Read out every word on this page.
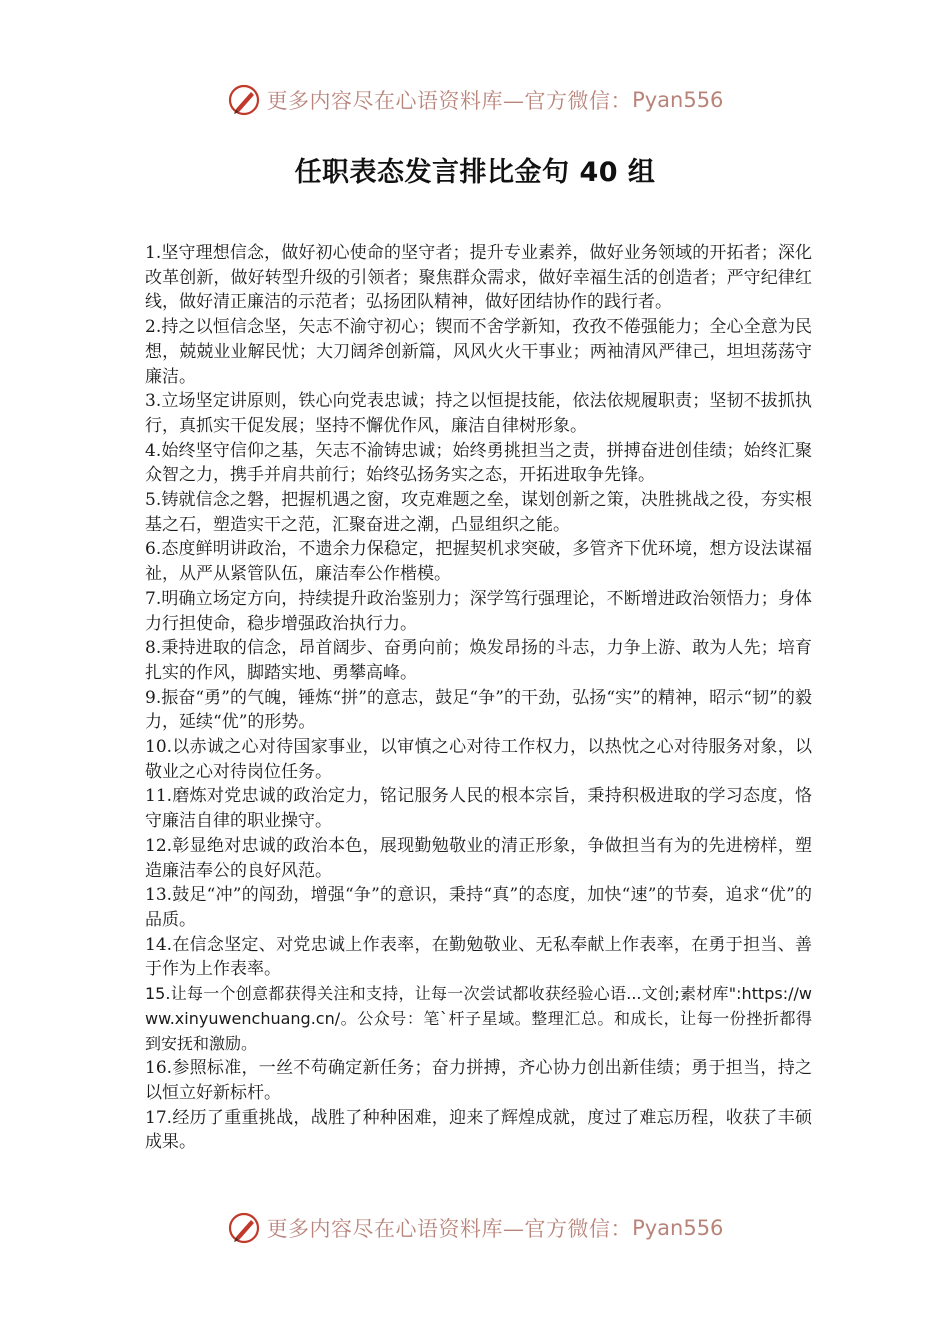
更多内容尽在心语资料库—官方微信： Pyan556
任职表态发言排比金句 40 组

1.坚守理想信念，做好初心使命的坚守者；提升专业素养，做好业务领域的开拓者；深化改革创新，做好转型升级的引领者；聚焦群众需求，做好幸福生活的创造者；严守纪律红线，做好清正廉洁的示范者；弘扬团队精神，做好团结协作的践行者。

2.持之以恒信念坚，矢志不渝守初心；锲而不舍学新知，孜孜不倦强能力；全心全意为民想，兢兢业业解民忧；大刀阔斧创新篇，风风火火干事业；两袖清风严律己，坦坦荡荡守廉洁。

3.立场坚定讲原则，铁心向党表忠诚；持之以恒提技能，依法依规履职责；坚韧不拔抓执行，真抓实干促发展；坚持不懈优作风，廉洁自律树形象。

4.始终坚守信仰之基，矢志不渝铸忠诚；始终勇挑担当之责，拼搏奋进创佳绩；始终汇聚众智之力，携手并肩共前行；始终弘扬务实之态，开拓进取争先锋。

5.铸就信念之磐，把握机遇之窗，攻克难题之垒，谋划创新之策，决胜挑战之役，夯实根基之石，塑造实干之范，汇聚奋进之潮，凸显组织之能。

6.态度鲜明讲政治，不遗余力保稳定，把握契机求突破，多管齐下优环境，想方设法谋福祉，从严从紧管队伍，廉洁奉公作楷模。

7.明确立场定方向，持续提升政治鉴别力；深学笃行强理论，不断增进政治领悟力；身体力行担使命，稳步增强政治执行力。

8.秉持进取的信念，昂首阔步、奋勇向前；焕发昂扬的斗志，力争上游、敢为人先；培育扎实的作风，脚踏实地、勇攀高峰。

9.振奋“勇”的气魄，锤炼“拼”的意志，鼓足“争”的干劲，弘扬“实”的精神，昭示“韧”的毅力，延续“优”的形势。

10.以赤诚之心对待国家事业，以审慎之心对待工作权力，以热忱之心对待服务对象，以敬业之心对待岗位任务。

11.磨炼对党忠诚的政治定力，铭记服务人民的根本宗旨，秉持积极进取的学习态度，恪守廉洁自律的职业操守。

12.彰显绝对忠诚的政治本色，展现勤勉敬业的清正形象，争做担当有为的先进榜样，塑造廉洁奉公的良好风范。

13.鼓足“冲”的闯劲，增强“争”的意识，秉持“真”的态度，加快“速”的节奏，追求“优”的品质。

14.在信念坚定、对党忠诚上作表率，在勤勉敬业、无私奉献上作表率，在勇于担当、善于作为上作表率。

15.让每一个创意都获得关注和支持，让每一次尝试都收获经验心语...文创;素材库":https://www.xinyuwenchuang.cn/。公众号：笔`杆子星域。整理汇总。和成长，让每一份挫折都得到安抚和激励。

16.参照标准，一丝不苟确定新任务；奋力拼搏，齐心协力创出新佳绩；勇于担当，持之以恒立好新标杆。

17.经历了重重挑战，战胜了种种困难，迎来了辉煌成就，度过了难忘历程，收获了丰硕成果。

更多内容尽在心语资料库—官方微信： Pyan556
